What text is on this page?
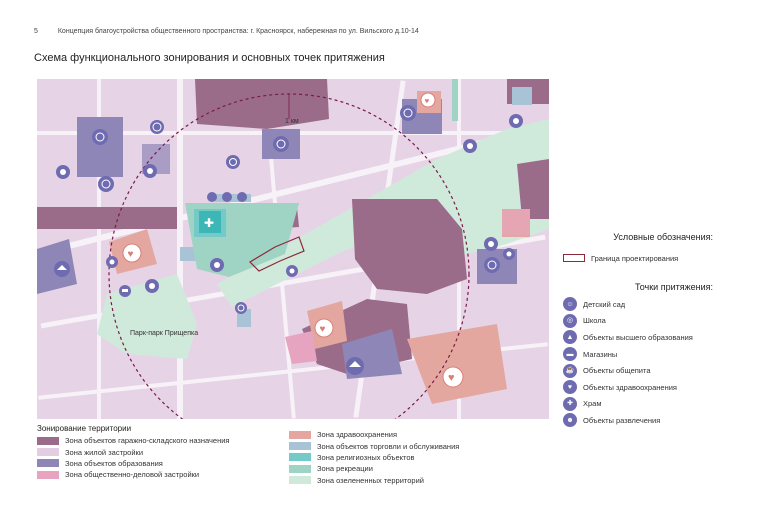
5	Концепция благоустройства общественного пространства: г. Красноярск, набережная по ул. Вильского д.10-14
Схема функционального зонирования и основных точек притяжения
1 км
Парк-парк Прищепка
♥
✚
♥
♥
♥
Условные обозначения:
Граница проектирования
Точки притяжения:
☺ Детский сад
◎ Школа
▲ Объекты высшего образования
▬ Магазины
☕ Объекты общепита
♥ Объекты здравоохранения
✚ Храм
☻ Объекты развлечения
Зонирование территории
Зона объектов гаражно-складского назначения
Зона жилой застройки
Зона объектов образования
Зона общественно-деловой застройки
Зона здравоохранения
Зона объектов торговли и обслуживания
Зона религиозных объектов
Зона рекреации
Зона озелененных территорий
